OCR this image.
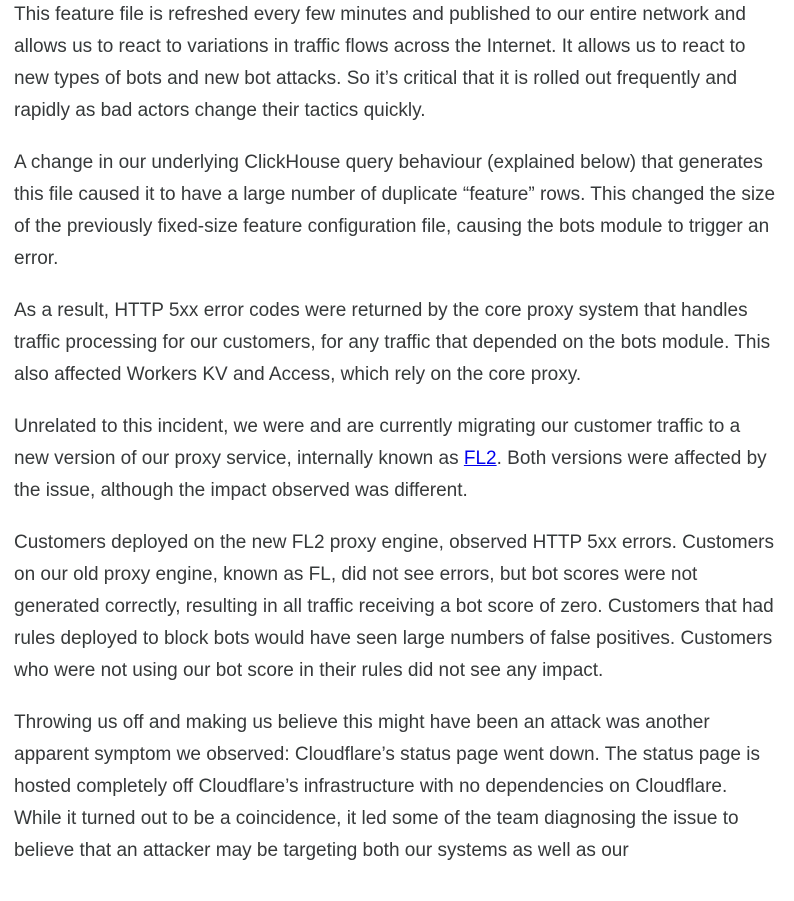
This feature file is refreshed every few minutes and published to our entire network and allows us to react to variations in traffic flows across the Internet. It allows us to react to new types of bots and new bot attacks. So it’s critical that it is rolled out frequently and rapidly as bad actors change their tactics quickly.

A change in our underlying ClickHouse query behaviour (explained below) that generates this file caused it to have a large number of duplicate “feature” rows. This changed the size of the previously fixed-size feature configuration file, causing the bots module to trigger an error.

As a result, HTTP 5xx error codes were returned by the core proxy system that handles traffic processing for our customers, for any traffic that depended on the bots module. This also affected Workers KV and Access, which rely on the core proxy.

Unrelated to this incident, we were and are currently migrating our customer traffic to a new version of our proxy service, internally known as FL2. Both versions were affected by the issue, although the impact observed was different.

Customers deployed on the new FL2 proxy engine, observed HTTP 5xx errors. Customers on our old proxy engine, known as FL, did not see errors, but bot scores were not generated correctly, resulting in all traffic receiving a bot score of zero. Customers that had rules deployed to block bots would have seen large numbers of false positives. Customers who were not using our bot score in their rules did not see any impact.

Throwing us off and making us believe this might have been an attack was another apparent symptom we observed: Cloudflare’s status page went down. The status page is hosted completely off Cloudflare’s infrastructure with no dependencies on Cloudflare. While it turned out to be a coincidence, it led some of the team diagnosing the issue to believe that an attacker may be targeting both our systems as well as our
